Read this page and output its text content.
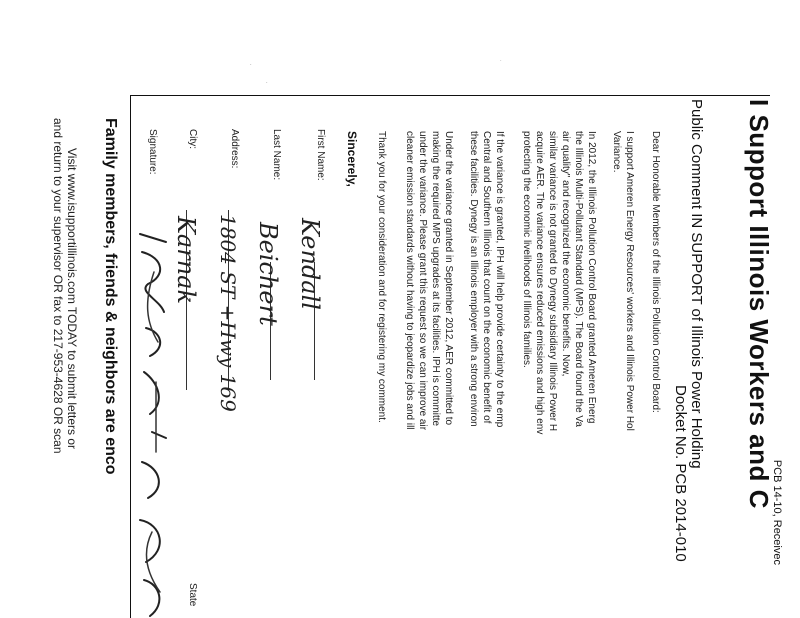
·
·
·
PCB 14-10, Receivec
I Support Illinois Workers and C
Public Comment IN SUPPORT of Illinois Power Holding
Docket No. PCB 2014-010
Dear Honorable Members of the Illinois Pollution Control Board:
I support Ameren Energy Resources' workers and Illinois Power Hol
Variance.
In 2012, the Illinois Pollution Control Board granted Ameren Energ
the Illinois Multi-Pollutant Standard (MPS). The Board found the Va
air quality" and recognized the economic benefits. Now,
similar variance is not granted to Dynegy subsidiary Illinois Power H
acquire AER. The variance ensures reduced emissions and high env
protecting the economic livelihoods of Illinois families.
If the variance is granted, IPH will help provide certainty to the emp
Central and Southern Illinois that count on the economic benefit of
these facilities. Dynegy is an Illinois employer with a strong environ
Under the variance granted in September 2012, AER committed to
making the required MPS upgrades at its facilities. IPH is committe
under the variance. Please grant this request so we can improve air
cleaner emission standards without having to jeopardize jobs and ill
Thank you for your consideration and for registering my comment.
Sincerely,
First Name:
Last Name:
Address:
City:
State
Signature:
Kendall
Beichert
1804 ST +Hwy 169
Karnak
Family members, friends & neighbors are enco
Visit www.isupportillinois.com TODAY to submit letters or
and return to your supervisor OR fax to 217-953-4628 OR scan
